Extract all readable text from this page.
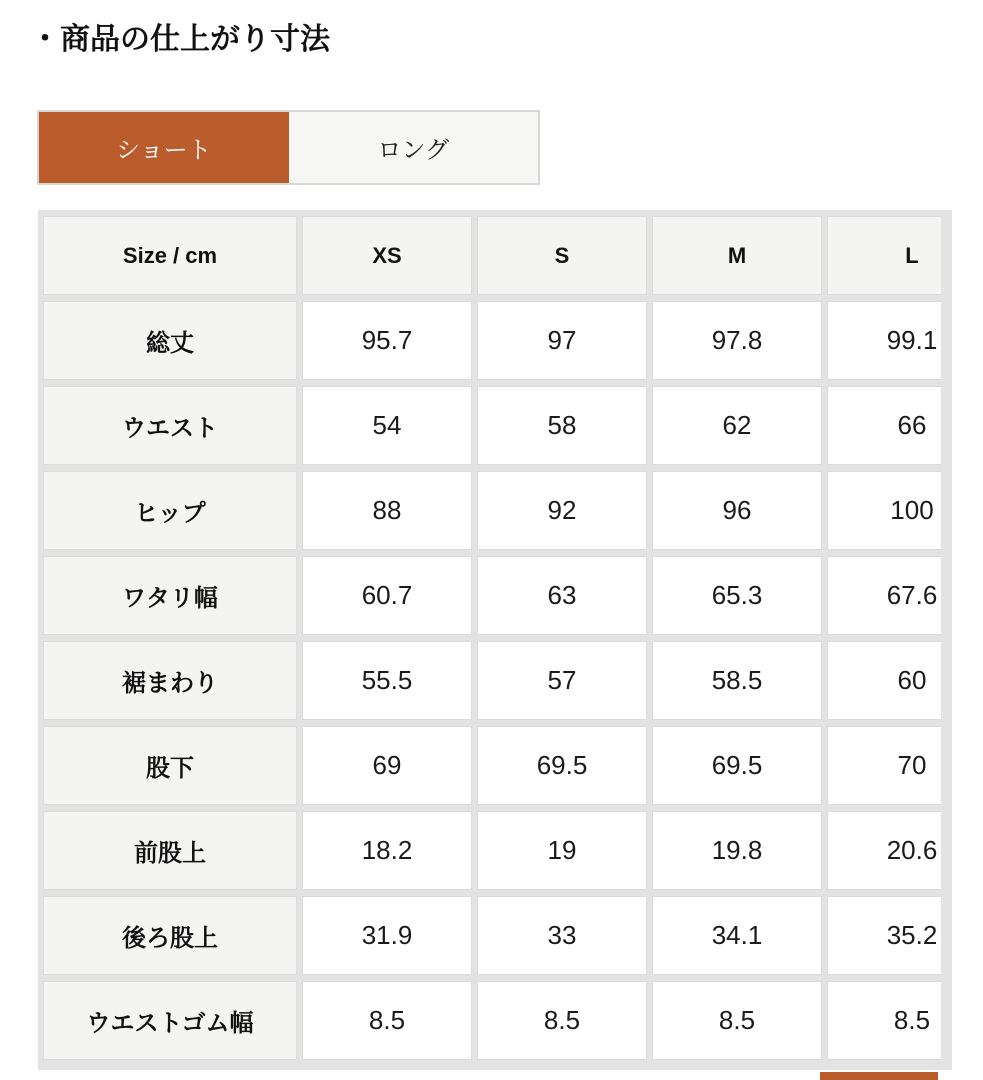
・商品の仕上がり寸法
ショート	ロング
Size / cm	XS	S	M	L
総丈	95.7	97	97.8	99.1
ウエスト	54	58	62	66
ヒップ	88	92	96	100
ワタリ幅	60.7	63	65.3	67.6
裾まわり	55.5	57	58.5	60
股下	69	69.5	69.5	70
前股上	18.2	19	19.8	20.6
後ろ股上	31.9	33	34.1	35.2
ウエストゴム幅	8.5	8.5	8.5	8.5
